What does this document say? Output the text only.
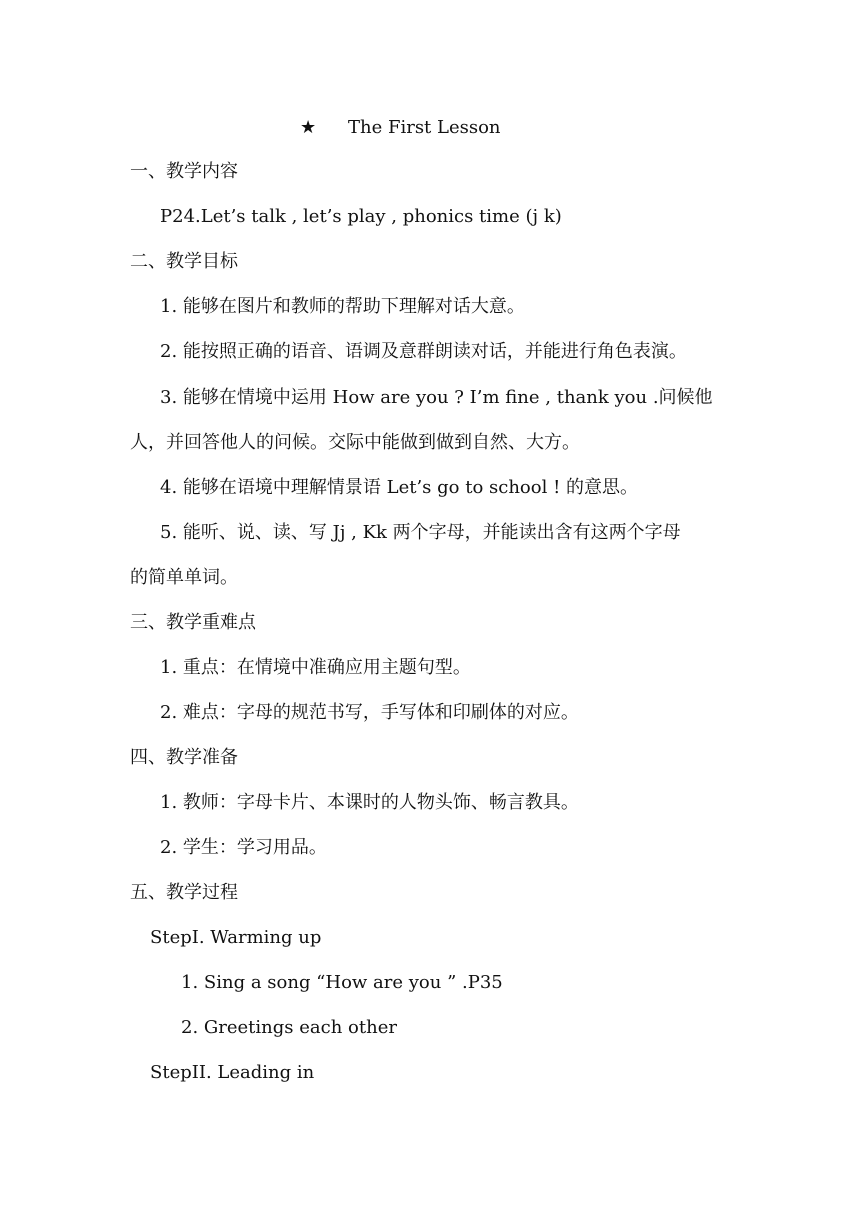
★ The First Lesson
一、教学内容
P24.Let’s talk , let’s play , phonics time (j k)
二、教学目标
1. 能够在图片和教师的帮助下理解对话大意。
2. 能按照正确的语音、语调及意群朗读对话，并能进行角色表演。
3. 能够在情境中运用 How are you ? I’m fine , thank you .问候他
人，并回答他人的问候。交际中能做到做到自然、大方。
4. 能够在语境中理解情景语 Let’s go to school ! 的意思。
5. 能听、说、读、写 Jj , Kk 两个字母，并能读出含有这两个字母
的简单单词。
三、教学重难点
1. 重点：在情境中准确应用主题句型。
2. 难点：字母的规范书写，手写体和印刷体的对应。
四、教学准备
1. 教师：字母卡片、本课时的人物头饰、畅言教具。
2. 学生：学习用品。
五、教学过程
StepI. Warming up
1. Sing a song “How are you ” .P35
2. Greetings each other
StepII. Leading in
